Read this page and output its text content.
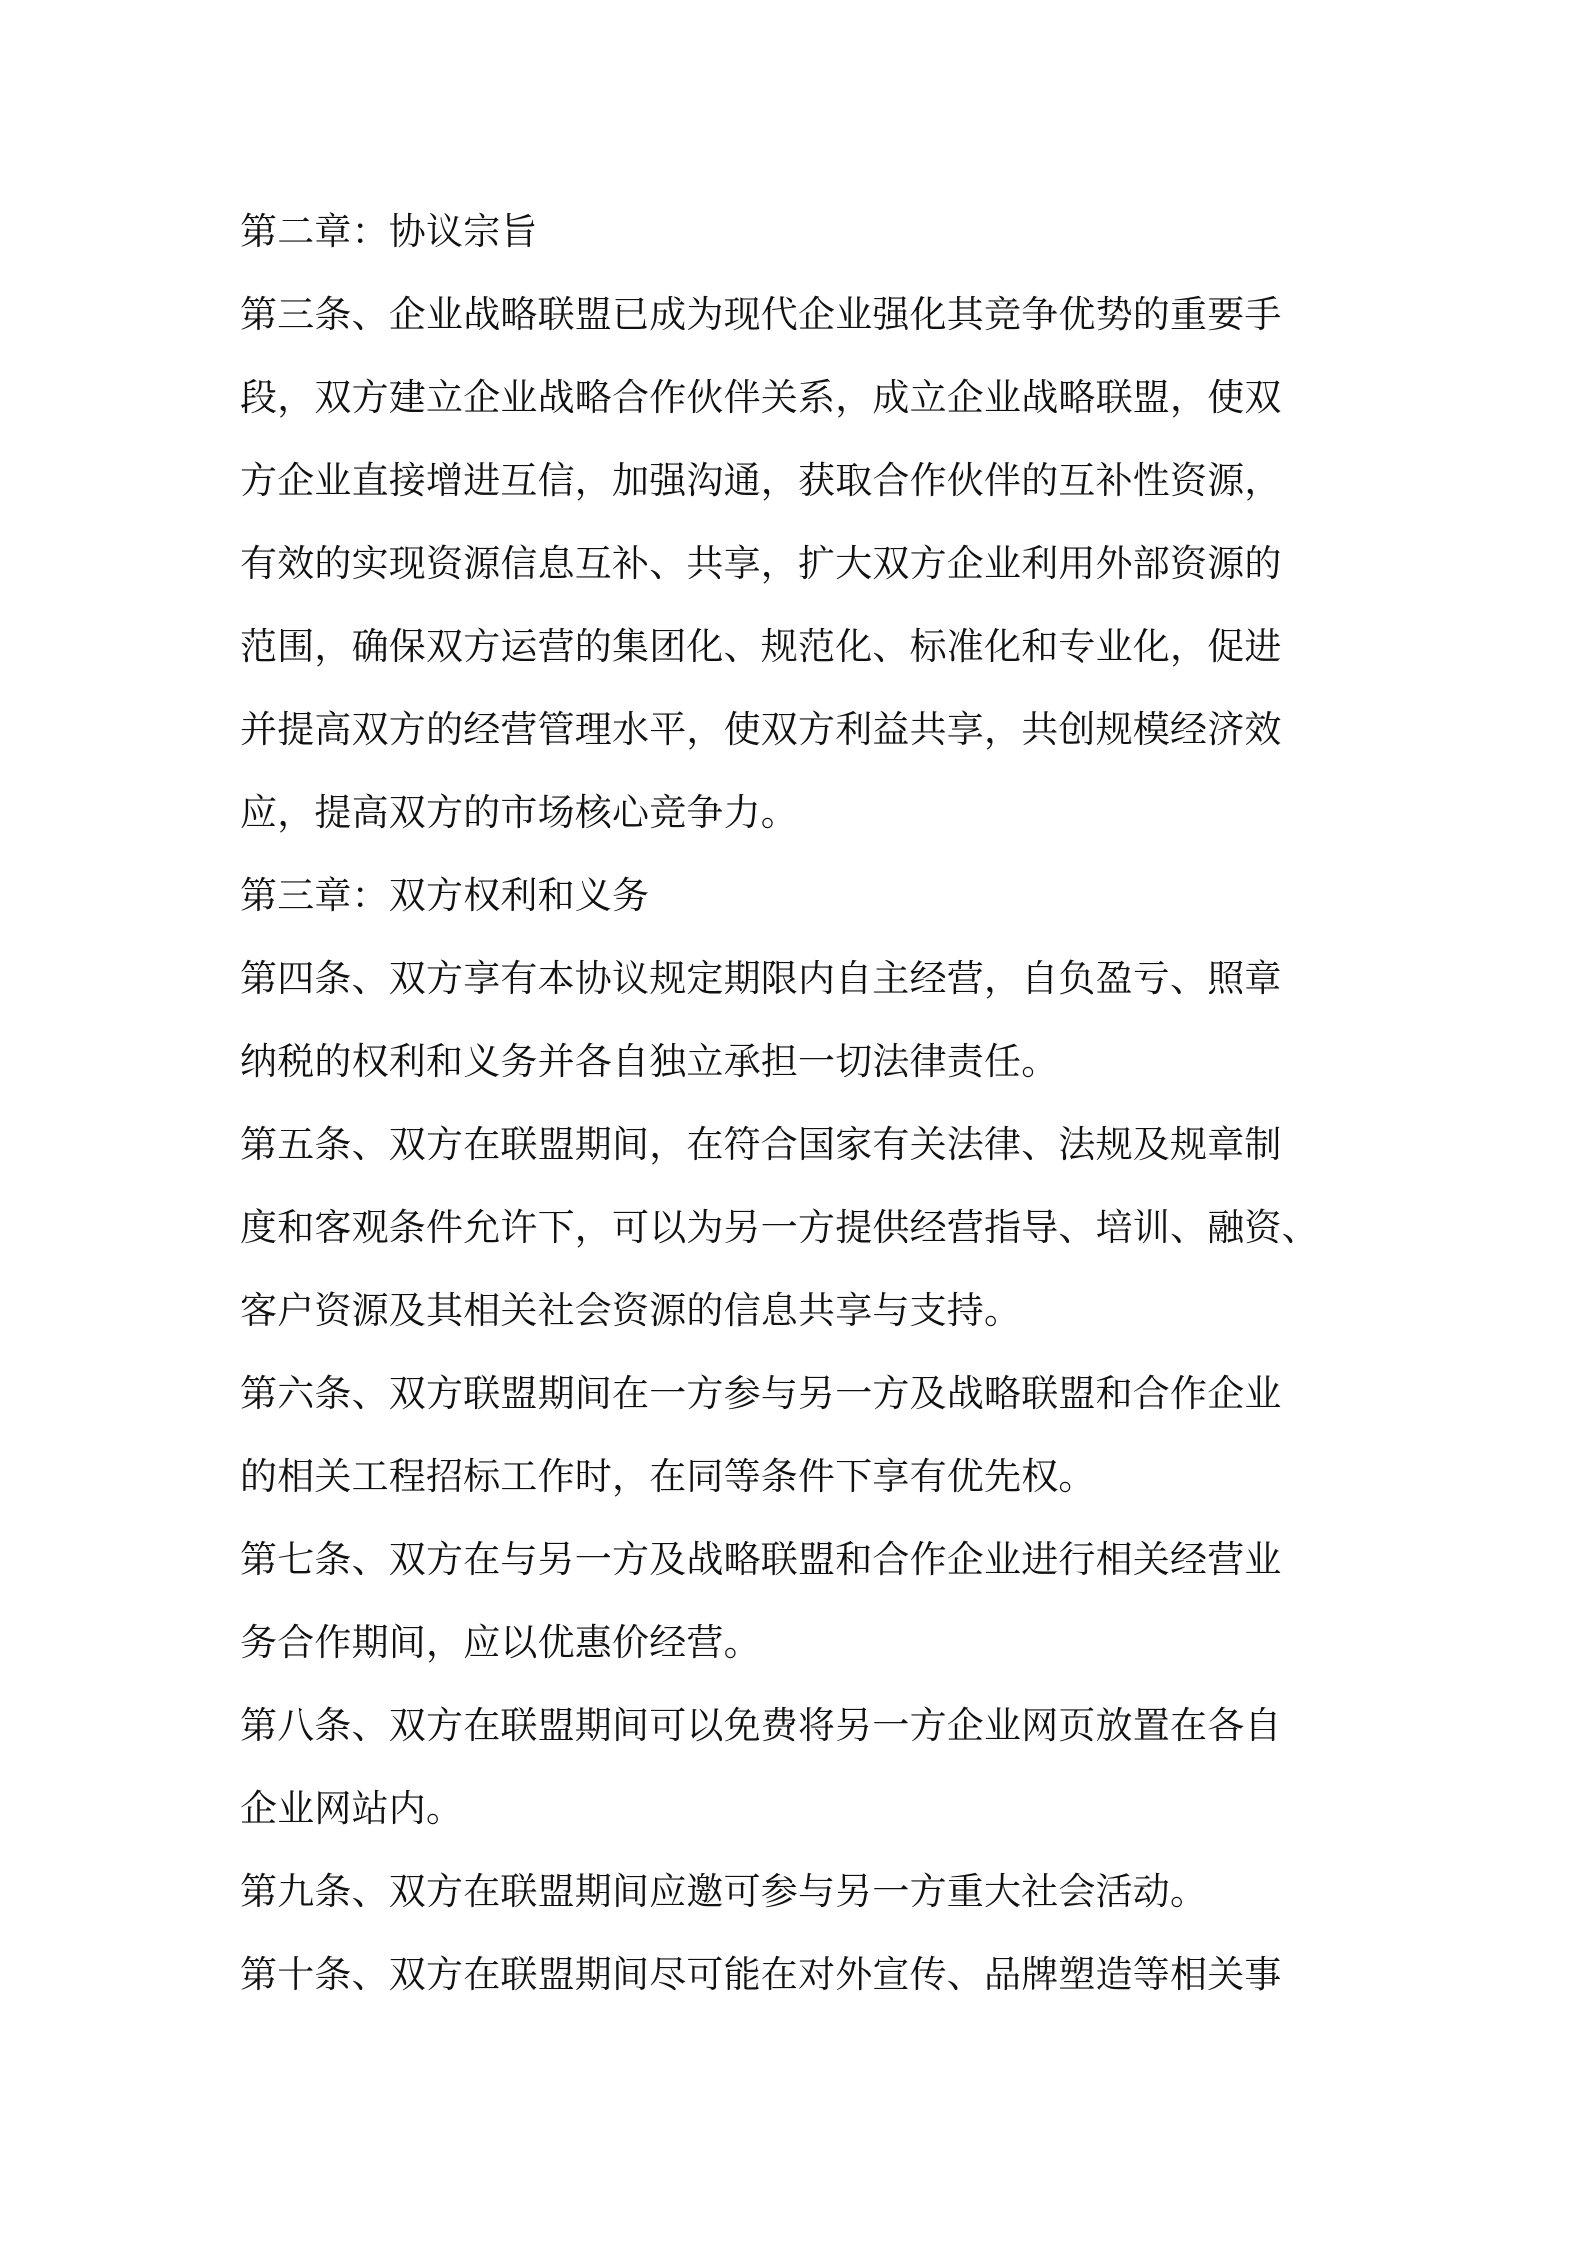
第二章：协议宗旨
第三条、企业战略联盟已成为现代企业强化其竞争优势的重要手
段，双方建立企业战略合作伙伴关系，成立企业战略联盟，使双
方企业直接增进互信，加强沟通，获取合作伙伴的互补性资源，
有效的实现资源信息互补、共享，扩大双方企业利用外部资源的
范围，确保双方运营的集团化、规范化、标准化和专业化，促进
并提高双方的经营管理水平，使双方利益共享，共创规模经济效
应，提高双方的市场核心竞争力。
第三章：双方权利和义务
第四条、双方享有本协议规定期限内自主经营，自负盈亏、照章
纳税的权利和义务并各自独立承担一切法律责任。
第五条、双方在联盟期间，在符合国家有关法律、法规及规章制
度和客观条件允许下，可以为另一方提供经营指导、培训、融资、
客户资源及其相关社会资源的信息共享与支持。
第六条、双方联盟期间在一方参与另一方及战略联盟和合作企业
的相关工程招标工作时，在同等条件下享有优先权。
第七条、双方在与另一方及战略联盟和合作企业进行相关经营业
务合作期间，应以优惠价经营。
第八条、双方在联盟期间可以免费将另一方企业网页放置在各自
企业网站内。
第九条、双方在联盟期间应邀可参与另一方重大社会活动。
第十条、双方在联盟期间尽可能在对外宣传、品牌塑造等相关事
